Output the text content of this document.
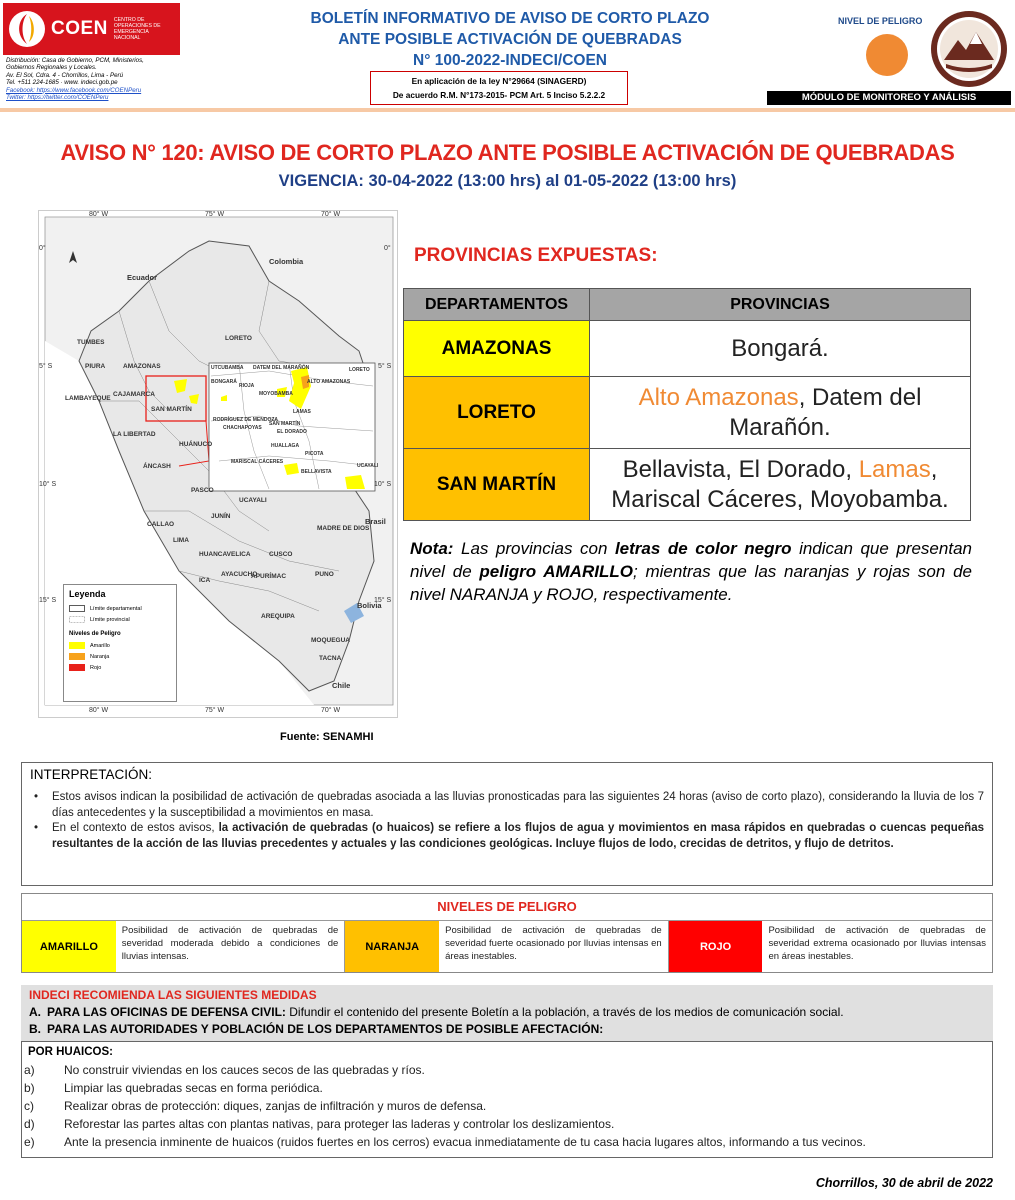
COEN CENTRO DE OPERACIONES DE EMERGENCIA NACIONAL
Distribución: Casa de Gobierno, PCM, Ministerios,
Gobiernos Regionales y Locales.
Av. El Sol, Cdra. 4 - Chorrillos, Lima - Perú
Tel. +511 224-1685 · www. indeci.gob.pe
Facebook: https://www.facebook.com/COENPeru
Twitter: https://twitter.com/COENPeru
BOLETÍN INFORMATIVO DE AVISO DE CORTO PLAZO
ANTE POSIBLE ACTIVACIÓN DE QUEBRADAS
N° 100-2022-INDECI/COEN
En aplicación de la ley N°29664 (SINAGERD)
De acuerdo R.M. N°173-2015- PCM Art. 5 Inciso 5.2.2.2
NIVEL DE PELIGRO
MÓDULO DE MONITOREO Y ANÁLISIS
AVISO N° 120: AVISO DE CORTO PLAZO ANTE POSIBLE ACTIVACIÓN DE QUEBRADAS
VIGENCIA: 30-04-2022 (13:00 hrs) al 01-05-2022 (13:00 hrs)
80° W	75° W	70° W
80° W	75° W	70° W
0°
5° S
10° S
15° S
0°
5° S
10° S
15° S
Ecuador
Colombia
Brasil
Bolivia
Chile
TUMBES
PIURA	AMAZONAS
LORETO
LAMBAYEQUE
CAJAMARCA
SAN MARTÍN
LA LIBERTAD
HUÁNUCO
ÁNCASH
UCAYALI
PASCO
LIMA
JUNÍN
CALLAO
MADRE DE DIOS
CUSCO
HUANCAVELICA
ICA
AYACUCHO
APURÍMAC	PUNO
AREQUIPA
MOQUEGUA
TACNA
UTCUBAMBA DATEM DEL MARAÑÓN
ALTO AMAZONAS
LORETO
BONGARÁ
RIOJA
MOYOBAMBA
LAMAS
RODRÍGUEZ DE MENDOZA
CHACHAPOYAS
SAN MARTÍN
EL DORADO
HUALLAGA
PICOTA
MARISCAL CÁCERES
BELLAVISTA
UCAYALI
Leyenda
Límite departamental
Límite provincial
Niveles de Peligro
Amarillo
Naranja
Rojo
Fuente: SENAMHI
PROVINCIAS EXPUESTAS:
DEPARTAMENTOS	PROVINCIAS
AMAZONAS	Bongará.
LORETO	Alto Amazonas, Datem del Marañón.
SAN MARTÍN	Bellavista, El Dorado, Lamas, Mariscal Cáceres, Moyobamba.
Nota: Las provincias con letras de color negro indican que presentan nivel de peligro AMARILLO; mientras que las naranjas y rojas son de nivel NARANJA y ROJO, respectivamente.
INTERPRETACIÓN:
• Estos avisos indican la posibilidad de activación de quebradas asociada a las lluvias pronosticadas para las siguientes 24 horas (aviso de corto plazo), considerando la lluvia de los 7 días antecedentes y la susceptibilidad a movimientos en masa.
• En el contexto de estos avisos, la activación de quebradas (o huaicos) se refiere a los flujos de agua y movimientos en masa rápidos en quebradas o cuencas pequeñas resultantes de la acción de las lluvias precedentes y actuales y las condiciones geológicas. Incluye flujos de lodo, crecidas de detritos, y flujo de detritos.
NIVELES DE PELIGRO
AMARILLO
Posibilidad de activación de quebradas de severidad moderada debido a condiciones de lluvias intensas.
NARANJA
Posibilidad de activación de quebradas de severidad fuerte ocasionado por lluvias intensas en áreas inestables.
ROJO
Posibilidad de activación de quebradas de severidad extrema ocasionado por lluvias intensas en áreas inestables.
INDECI RECOMIENDA LAS SIGUIENTES MEDIDAS
A. PARA LAS OFICINAS DE DEFENSA CIVIL: Difundir el contenido del presente Boletín a la población, a través de los medios de comunicación social.
B. PARA LAS AUTORIDADES Y POBLACIÓN DE LOS DEPARTAMENTOS DE POSIBLE AFECTACIÓN:
POR HUAICOS:
a) No construir viviendas en los cauces secos de las quebradas y ríos.
b) Limpiar las quebradas secas en forma periódica.
c)	Realizar obras de protección: diques, zanjas de infiltración y muros de defensa.
d) Reforestar las partes altas con plantas nativas, para proteger las laderas y controlar los deslizamientos.
e) Ante la presencia inminente de huaicos (ruidos fuertes en los cerros) evacua inmediatamente de tu casa hacia lugares altos, informando a tus vecinos.
Chorrillos, 30 de abril de 2022
